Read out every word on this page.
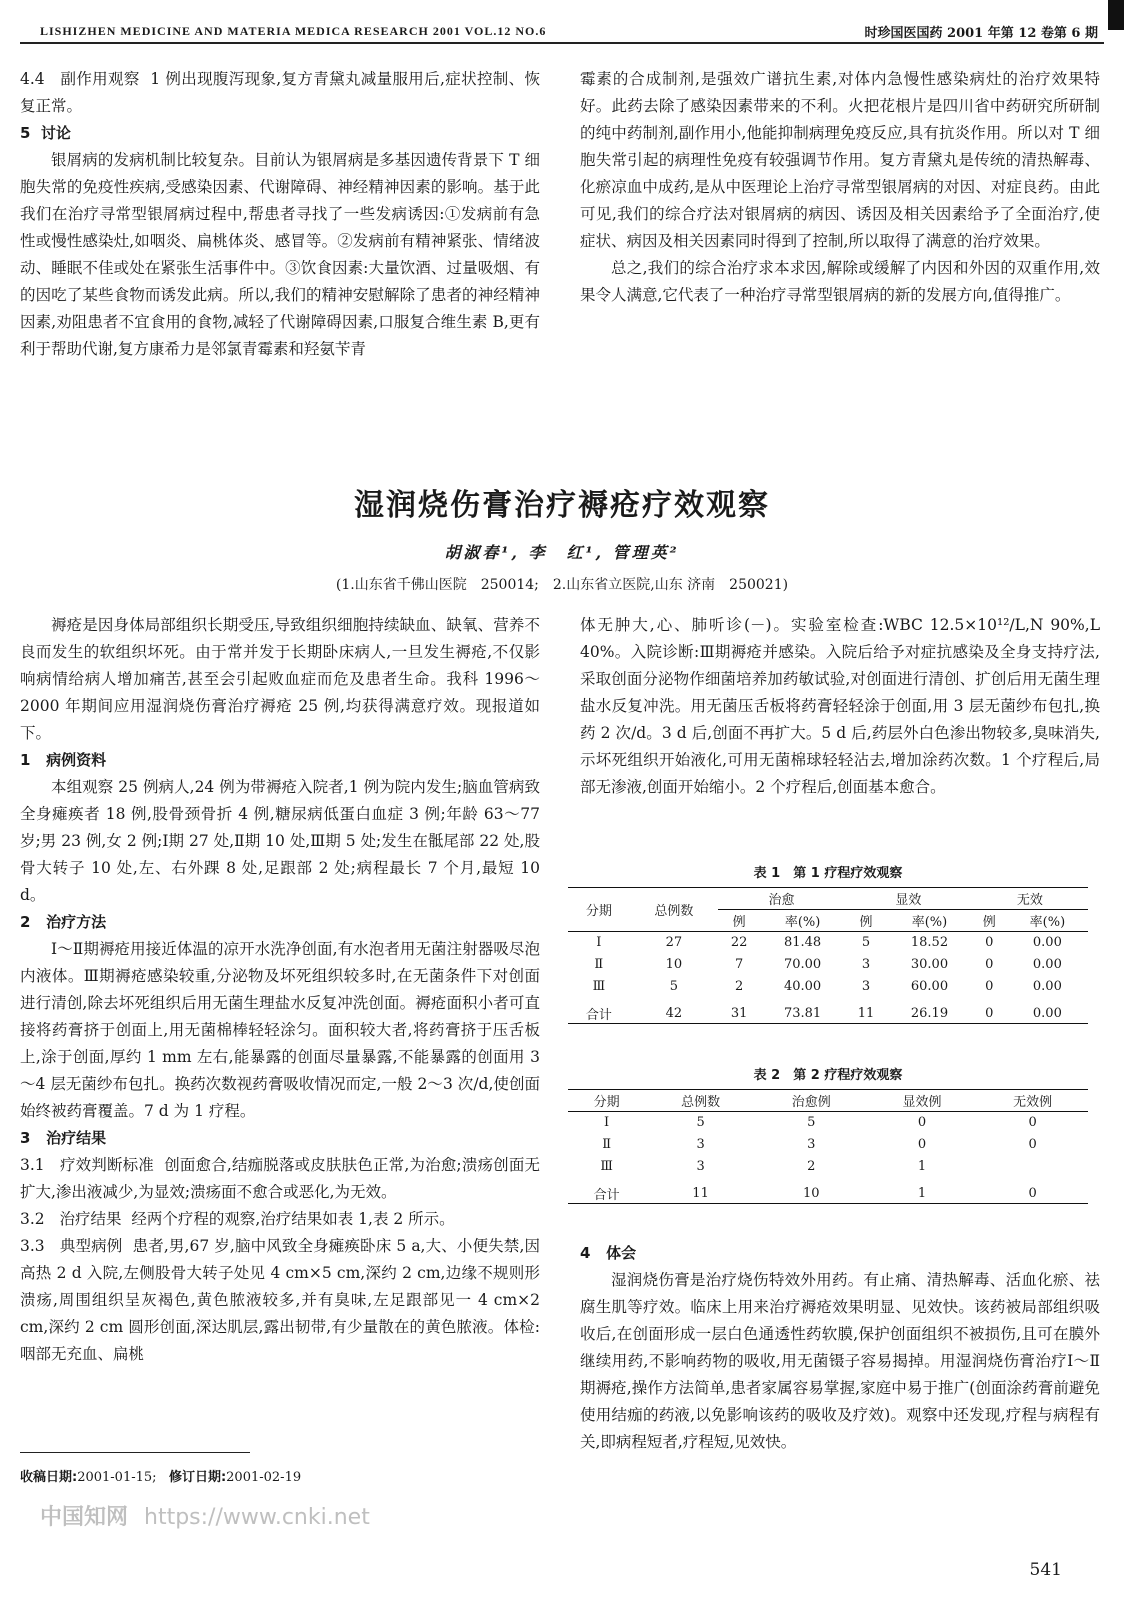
LISHIZHEN MEDICINE AND MATERIA MEDICA RESEARCH 2001 VOL.12 NO.6	时珍国医国药 2001 年第 12 卷第 6 期

4.4 副作用观察 1 例出现腹泻现象,复方青黛丸减量服用后,症状控制、恢复正常。

5 讨论

银屑病的发病机制比较复杂。目前认为银屑病是多基因遗传背景下 T 细胞失常的免疫性疾病,受感染因素、代谢障碍、神经精神因素的影响。基于此我们在治疗寻常型银屑病过程中,帮患者寻找了一些发病诱因:①发病前有急性或慢性感染灶,如咽炎、扁桃体炎、感冒等。②发病前有精神紧张、情绪波动、睡眠不佳或处在紧张生活事件中。③饮食因素:大量饮酒、过量吸烟、有的因吃了某些食物而诱发此病。所以,我们的精神安慰解除了患者的神经精神因素,劝阻患者不宜食用的食物,减轻了代谢障碍因素,口服复合维生素 B,更有利于帮助代谢,复方康希力是邻氯青霉素和羟氨苄青

霉素的合成制剂,是强效广谱抗生素,对体内急慢性感染病灶的治疗效果特好。此药去除了感染因素带来的不利。火把花根片是四川省中药研究所研制的纯中药制剂,副作用小,他能抑制病理免疫反应,具有抗炎作用。所以对 T 细胞失常引起的病理性免疫有较强调节作用。复方青黛丸是传统的清热解毒、化瘀凉血中成药,是从中医理论上治疗寻常型银屑病的对因、对症良药。由此可见,我们的综合疗法对银屑病的病因、诱因及相关因素给予了全面治疗,使症状、病因及相关因素同时得到了控制,所以取得了满意的治疗效果。

总之,我们的综合治疗求本求因,解除或缓解了内因和外因的双重作用,效果令人满意,它代表了一种治疗寻常型银屑病的新的发展方向,值得推广。

湿润烧伤膏治疗褥疮疗效观察
胡淑春¹, 李　红¹, 管理英²
(1.山东省千佛山医院　250014;　2.山东省立医院,山东 济南　250021)

褥疮是因身体局部组织长期受压,导致组织细胞持续缺血、缺氧、营养不良而发生的软组织坏死。由于常并发于长期卧床病人,一旦发生褥疮,不仅影响病情给病人增加痛苦,甚至会引起败血症而危及患者生命。我科 1996～2000 年期间应用湿润烧伤膏治疗褥疮 25 例,均获得满意疗效。现报道如下。

1 病例资料

本组观察 25 例病人,24 例为带褥疮入院者,1 例为院内发生;脑血管病致全身瘫痪者 18 例,股骨颈骨折 4 例,糖尿病低蛋白血症 3 例;年龄 63～77 岁;男 23 例,女 2 例;Ⅰ期 27 处,Ⅱ期 10 处,Ⅲ期 5 处;发生在骶尾部 22 处,股骨大转子 10 处,左、右外踝 8 处,足跟部 2 处;病程最长 7 个月,最短 10 d。

2 治疗方法

Ⅰ～Ⅱ期褥疮用接近体温的凉开水洗净创面,有水泡者用无菌注射器吸尽泡内液体。Ⅲ期褥疮感染较重,分泌物及坏死组织较多时,在无菌条件下对创面进行清创,除去坏死组织后用无菌生理盐水反复冲洗创面。褥疮面积小者可直接将药膏挤于创面上,用无菌棉棒轻轻涂匀。面积较大者,将药膏挤于压舌板上,涂于创面,厚约 1 mm 左右,能暴露的创面尽量暴露,不能暴露的创面用 3～4 层无菌纱布包扎。换药次数视药膏吸收情况而定,一般 2～3 次/d,使创面始终被药膏覆盖。7 d 为 1 疗程。

3 治疗结果

3.1 疗效判断标准 创面愈合,结痂脱落或皮肤肤色正常,为治愈;溃疡创面无扩大,渗出液减少,为显效;溃疡面不愈合或恶化,为无效。

3.2 治疗结果 经两个疗程的观察,治疗结果如表 1,表 2 所示。

3.3 典型病例 患者,男,67 岁,脑中风致全身瘫痪卧床 5 a,大、小便失禁,因高热 2 d 入院,左侧股骨大转子处见 4 cm×5 cm,深约 2 cm,边缘不规则形溃疡,周围组织呈灰褐色,黄色脓液较多,并有臭味,左足跟部见一 4 cm×2 cm,深约 2 cm 圆形创面,深达肌层,露出韧带,有少量散在的黄色脓液。体检:咽部无充血、扁桃

体无肿大,心、肺听诊(－)。实验室检查:WBC 12.5×10¹²/L,N 90%,L 40%。入院诊断:Ⅲ期褥疮并感染。入院后给予对症抗感染及全身支持疗法,采取创面分泌物作细菌培养加药敏试验,对创面进行清创、扩创后用无菌生理盐水反复冲洗。用无菌压舌板将药膏轻轻涂于创面,用 3 层无菌纱布包扎,换药 2 次/d。3 d 后,创面不再扩大。5 d 后,药层外白色渗出物较多,臭味消失,示坏死组织开始液化,可用无菌棉球轻轻沾去,增加涂药次数。1 个疗程后,局部无渗液,创面开始缩小。2 个疗程后,创面基本愈合。

表 1　第 1 疗程疗效观察
分期	总例数	治愈		显效		无效	
		例	率(%)	例	率(%)	例	率(%)
Ⅰ	27	22	81.48	5	18.52	0	0.00
Ⅱ	10	7	70.00	3	30.00	0	0.00
Ⅲ	5	2	40.00	3	60.00	0	0.00
合计	42	31	73.81	11	26.19	0	0.00
表 2　第 2 疗程疗效观察
分期	总例数	治愈例	显效例	无效例
Ⅰ	5	5	0	0
Ⅱ	3	3	0	0
Ⅲ	3	2	1	
合计	11	10	1	0

4 体会

湿润烧伤膏是治疗烧伤特效外用药。有止痛、清热解毒、活血化瘀、祛腐生肌等疗效。临床上用来治疗褥疮效果明显、见效快。该药被局部组织吸收后,在创面形成一层白色通透性药软膜,保护创面组织不被损伤,且可在膜外继续用药,不影响药物的吸收,用无菌镊子容易揭掉。用湿润烧伤膏治疗Ⅰ～Ⅱ期褥疮,操作方法简单,患者家属容易掌握,家庭中易于推广(创面涂药膏前避免使用结痂的药液,以免影响该药的吸收及疗效)。观察中还发现,疗程与病程有关,即病程短者,疗程短,见效快。

收稿日期:2001-01-15; 修订日期:2001-02-19
中国知网 https://www.cnki.net
541
